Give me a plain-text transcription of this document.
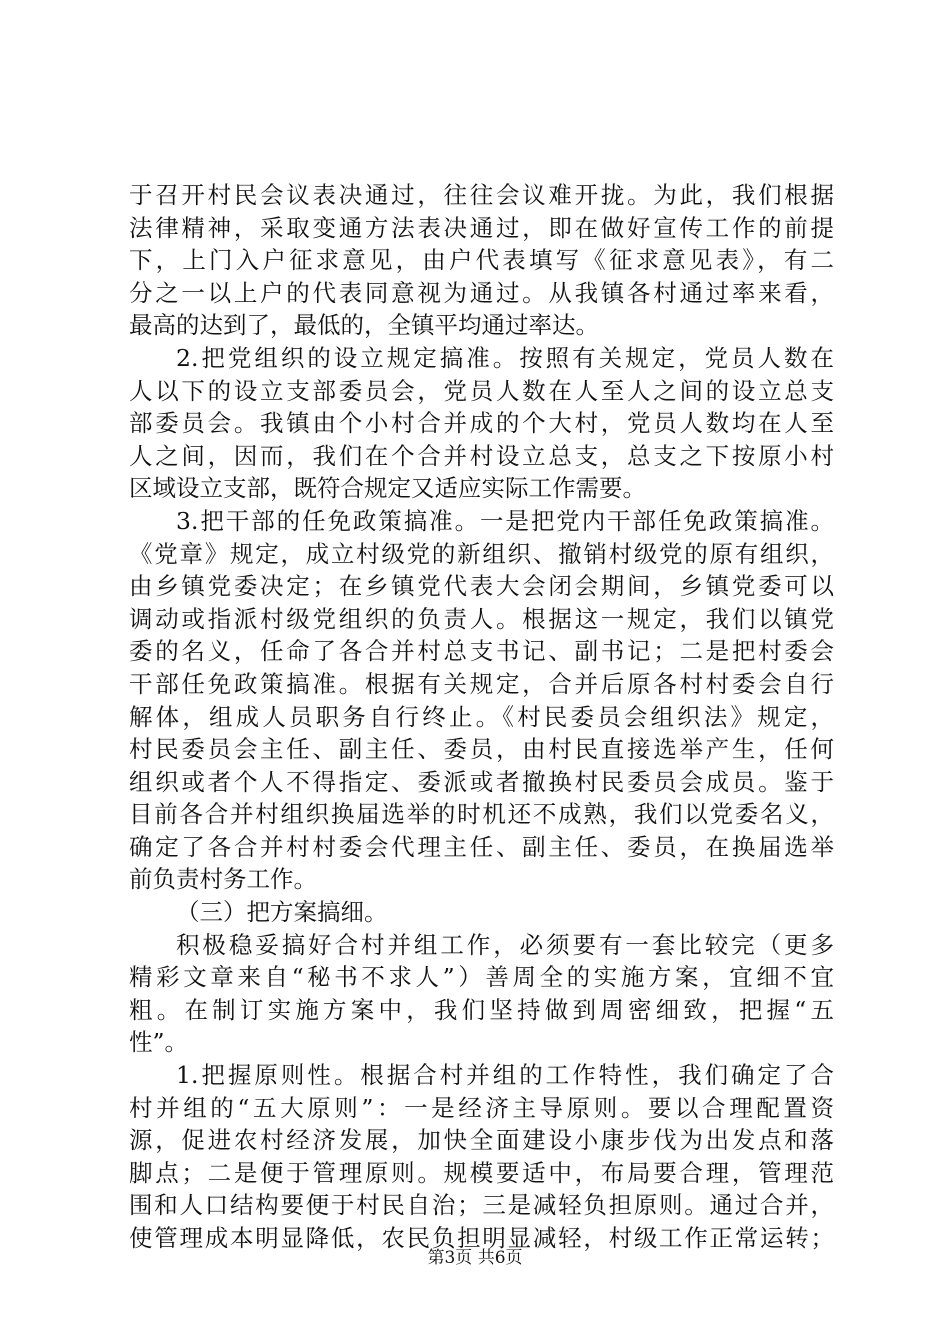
于召开村民会议表决通过，往往会议难开拢。为此，我们根据
法律精神，采取变通方法表决通过，即在做好宣传工作的前提
下，上门入户征求意见，由户代表填写《征求意见表》，有二
分之一以上户的代表同意视为通过。从我镇各村通过率来看，
最高的达到了，最低的，全镇平均通过率达。
2.把党组织的设立规定搞准。按照有关规定，党员人数在
人以下的设立支部委员会，党员人数在人至人之间的设立总支
部委员会。我镇由个小村合并成的个大村，党员人数均在人至
人之间，因而，我们在个合并村设立总支，总支之下按原小村
区域设立支部，既符合规定又适应实际工作需要。
3.把干部的任免政策搞准。一是把党内干部任免政策搞准。
《党章》规定，成立村级党的新组织、撤销村级党的原有组织，
由乡镇党委决定；在乡镇党代表大会闭会期间，乡镇党委可以
调动或指派村级党组织的负责人。根据这一规定，我们以镇党
委的名义，任命了各合并村总支书记、副书记；二是把村委会
干部任免政策搞准。根据有关规定，合并后原各村村委会自行
解体，组成人员职务自行终止。《村民委员会组织法》规定，
村民委员会主任、副主任、委员，由村民直接选举产生，任何
组织或者个人不得指定、委派或者撤换村民委员会成员。鉴于
目前各合并村组织换届选举的时机还不成熟，我们以党委名义，
确定了各合并村村委会代理主任、副主任、委员，在换届选举
前负责村务工作。
（三）把方案搞细。
积极稳妥搞好合村并组工作，必须要有一套比较完（更多
精彩文章来自“秘书不求人”）善周全的实施方案，宜细不宜
粗。在制订实施方案中，我们坚持做到周密细致，把握“五
性”。
1.把握原则性。根据合村并组的工作特性，我们确定了合
村并组的“五大原则”：一是经济主导原则。要以合理配置资
源，促进农村经济发展，加快全面建设小康步伐为出发点和落
脚点；二是便于管理原则。规模要适中，布局要合理，管理范
围和人口结构要便于村民自治；三是减轻负担原则。通过合并，
使管理成本明显降低，农民负担明显减轻，村级工作正常运转；
第3页 共6页
